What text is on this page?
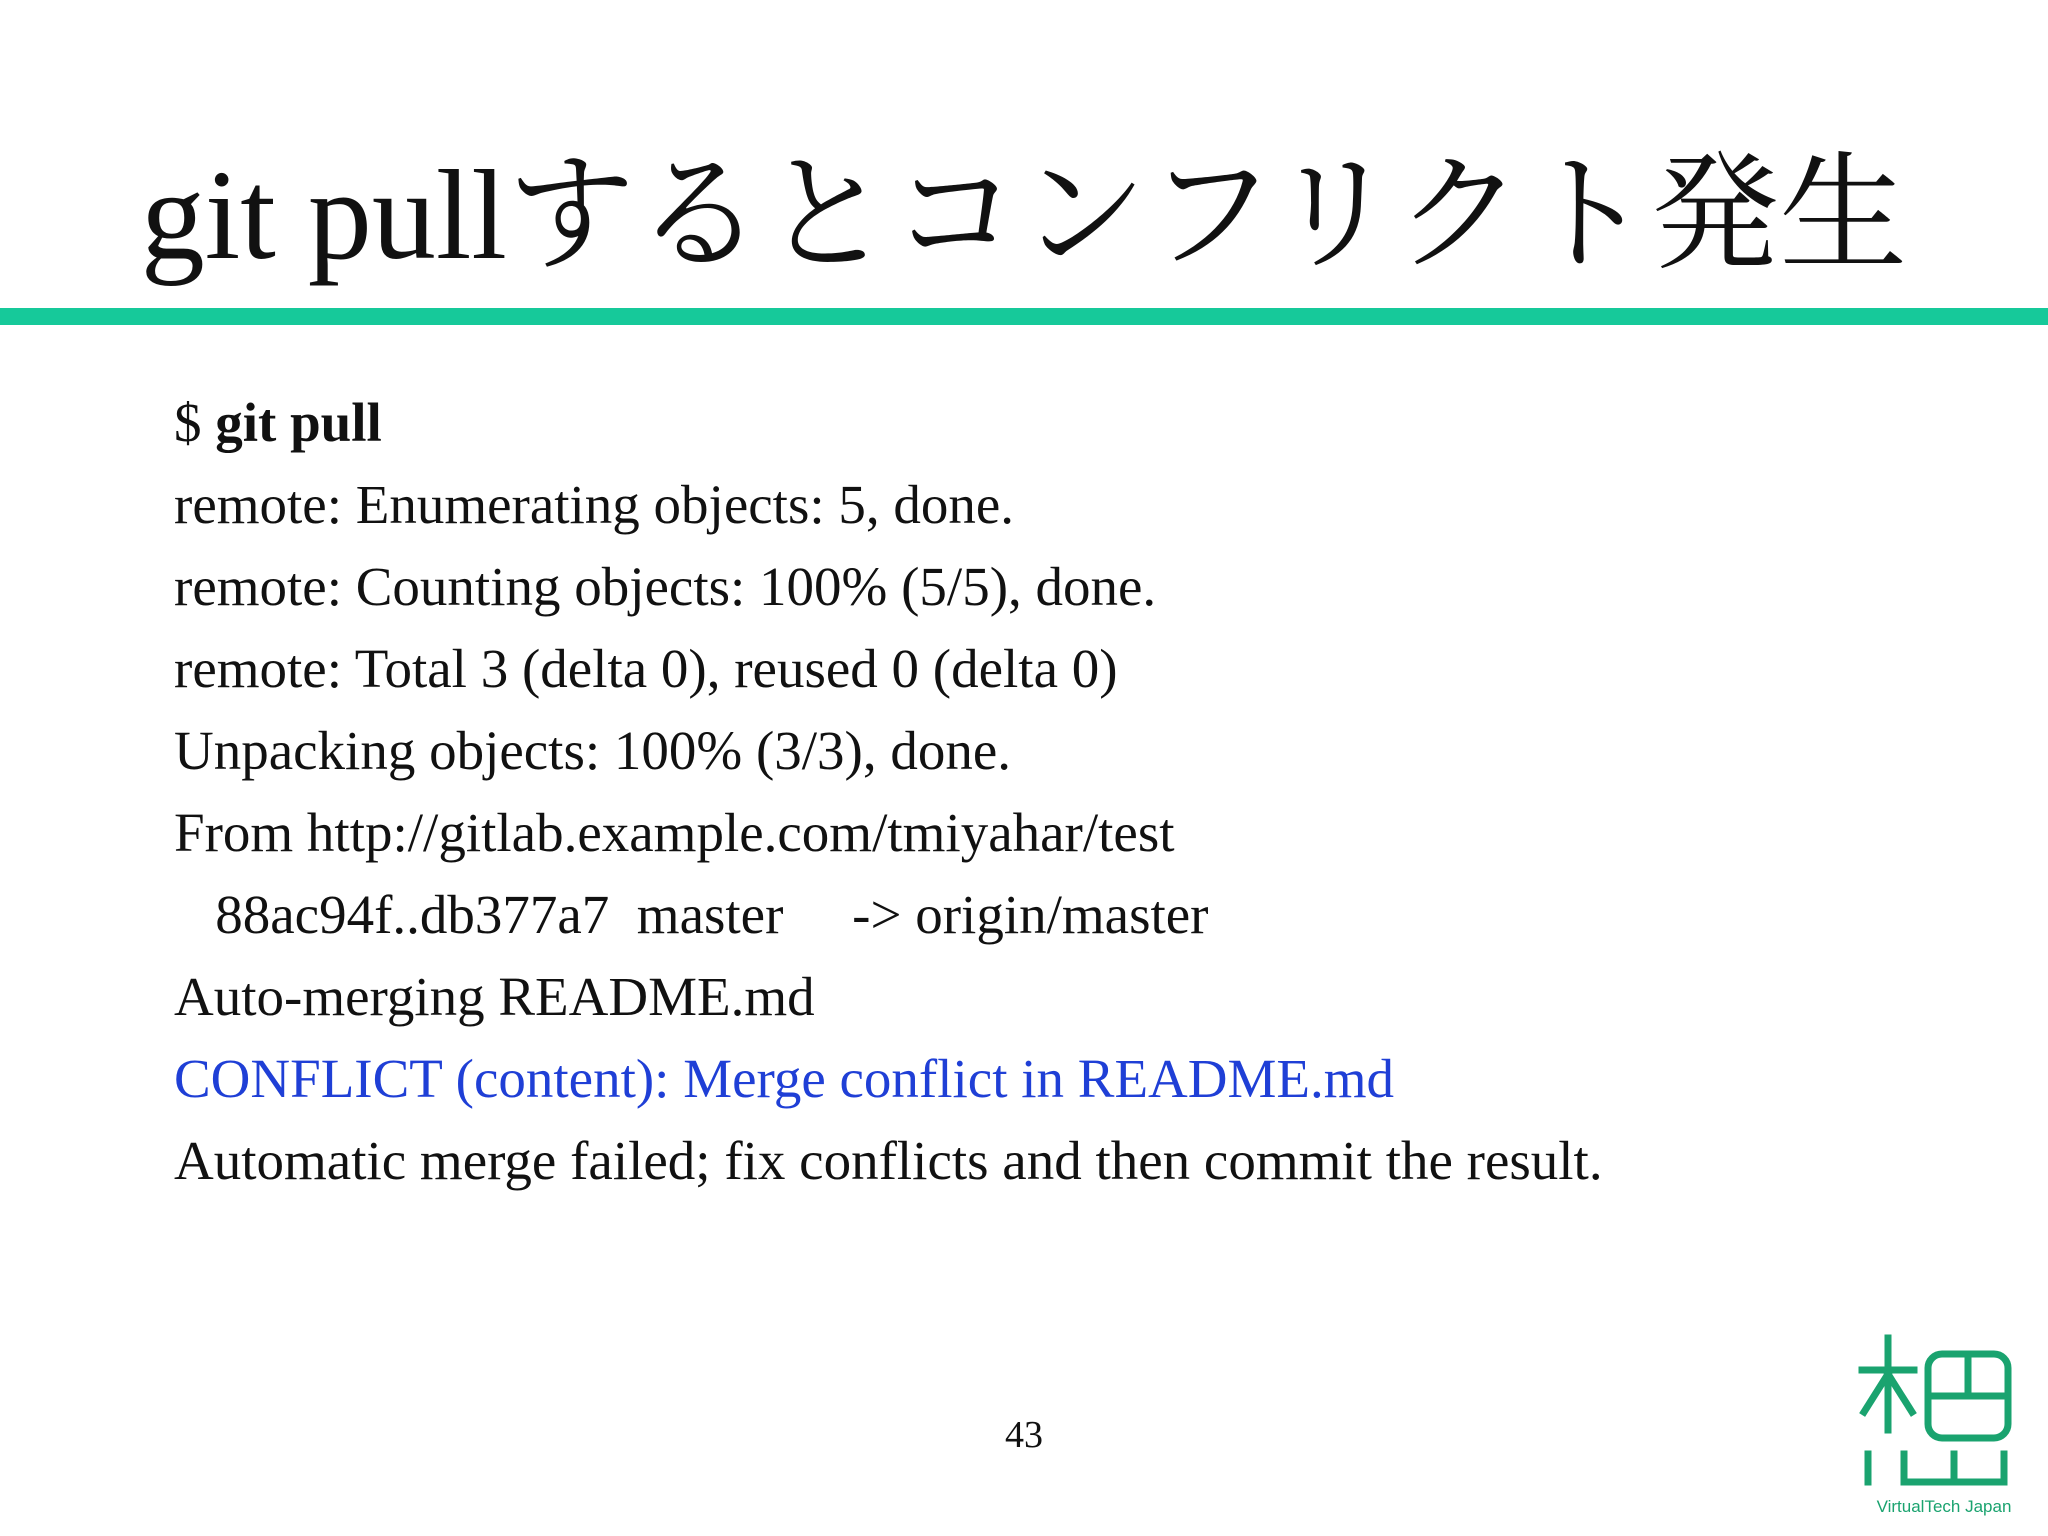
git pullするとコンフリクト発生
$ git pull
remote: Enumerating objects: 5, done.
remote: Counting objects: 100% (5/5), done.
remote: Total 3 (delta 0), reused 0 (delta 0)
Unpacking objects: 100% (3/3), done.
From http://gitlab.example.com/tmiyahar/test
88ac94f..db377a7  master     -> origin/master
Auto-merging README.md
CONFLICT (content): Merge conflict in README.md
Automatic merge failed; fix conflicts and then commit the result.
43
VirtualTech Japan
